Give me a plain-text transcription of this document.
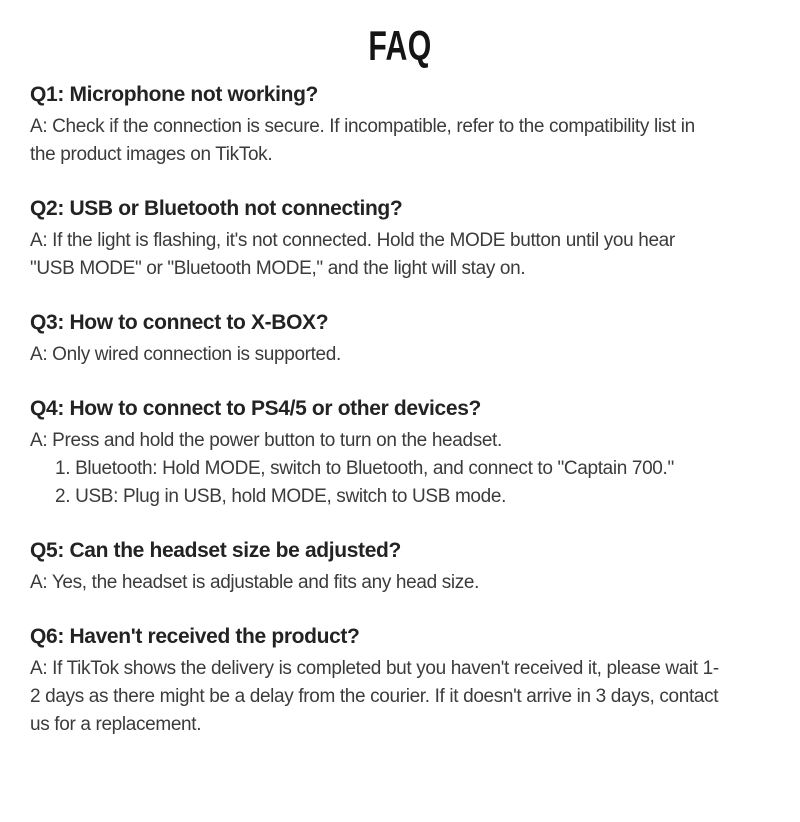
FAQ
Q1: Microphone not working?

A: Check if the connection is secure. If incompatible, refer to the compatibility list in

the product images on TikTok.

Q2: USB or Bluetooth not connecting?

A: If the light is flashing, it's not connected. Hold the MODE button until you hear

"USB MODE" or "Bluetooth MODE," and the light will stay on.

Q3: How to connect to X-BOX?

A: Only wired connection is supported.

Q4: How to connect to PS4/5 or other devices?

A: Press and hold the power button to turn on the headset.

1. Bluetooth: Hold MODE, switch to Bluetooth, and connect to "Captain 700."

2. USB: Plug in USB, hold MODE, switch to USB mode.

Q5: Can the headset size be adjusted?

A: Yes, the headset is adjustable and fits any head size.

Q6: Haven't received the product?

A: If TikTok shows the delivery is completed but you haven't received it, please wait 1-

2 days as there might be a delay from the courier. If it doesn't arrive in 3 days, contact

us for a replacement.
